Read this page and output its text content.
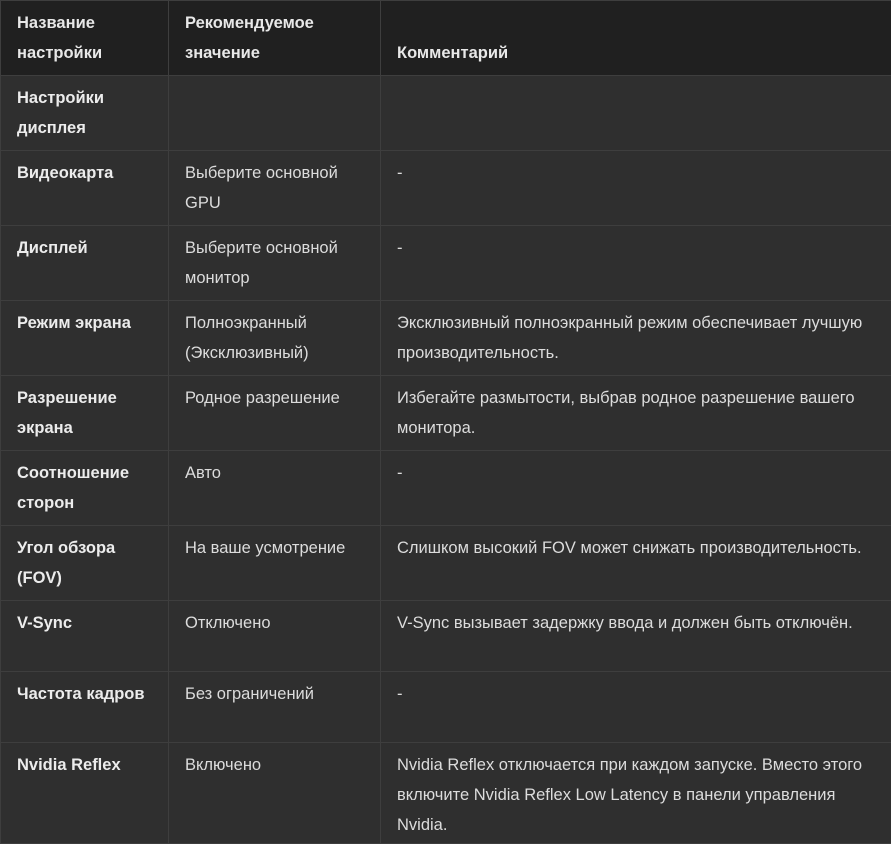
Название настройки	Рекомендуемое значение	Комментарий
Настройки дисплея		
Видеокарта	Выберите основной GPU	-
Дисплей	Выберите основной монитор	-
Режим экрана	Полноэкранный (Эксклюзивный)	Эксклюзивный полноэкранный режим обеспечивает лучшую производительность.
Разрешение экрана	Родное разрешение	Избегайте размытости, выбрав родное разрешение вашего монитора.
Соотношение сторон	Авто	-
Угол обзора (FOV)	На ваше усмотрение	Слишком высокий FOV может снижать производительность.
V-Sync	Отключено	V-Sync вызывает задержку ввода и должен быть отключён.
Частота кадров	Без ограничений	-
Nvidia Reflex	Включено	Nvidia Reflex отключается при каждом запуске. Вместо этого включите Nvidia Reflex Low Latency в панели управления Nvidia.
